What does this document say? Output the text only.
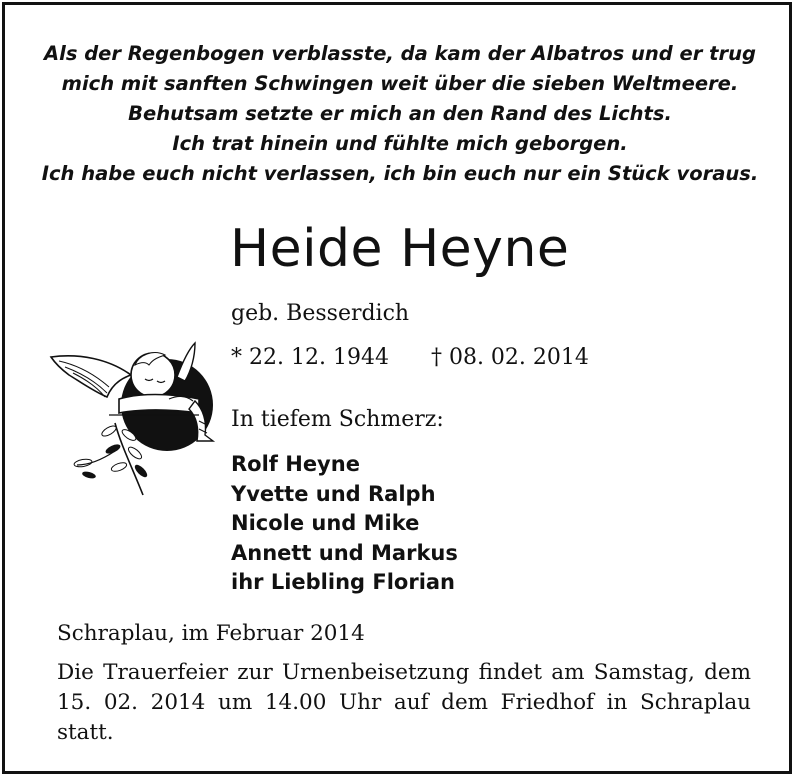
Als der Regenbogen verblasste, da kam der Albatros und er trug
mich mit sanften Schwingen weit über die sieben Weltmeere.
Behutsam setzte er mich an den Rand des Lichts.
Ich trat hinein und fühlte mich geborgen.
Ich habe euch nicht verlassen, ich bin euch nur ein Stück voraus.
Heide Heyne
geb. Besserdich
* 22. 12. 1944 † 08. 02. 2014
In tiefem Schmerz:
Rolf Heyne
Yvette und Ralph
Nicole und Mike
Annett und Markus
ihr Liebling Florian
Schraplau, im Februar 2014
Die Trauerfeier zur Urnenbeisetzung findet am Samstag, dem 15. 02. 2014 um 14.00 Uhr auf dem Friedhof in Schraplau statt.
